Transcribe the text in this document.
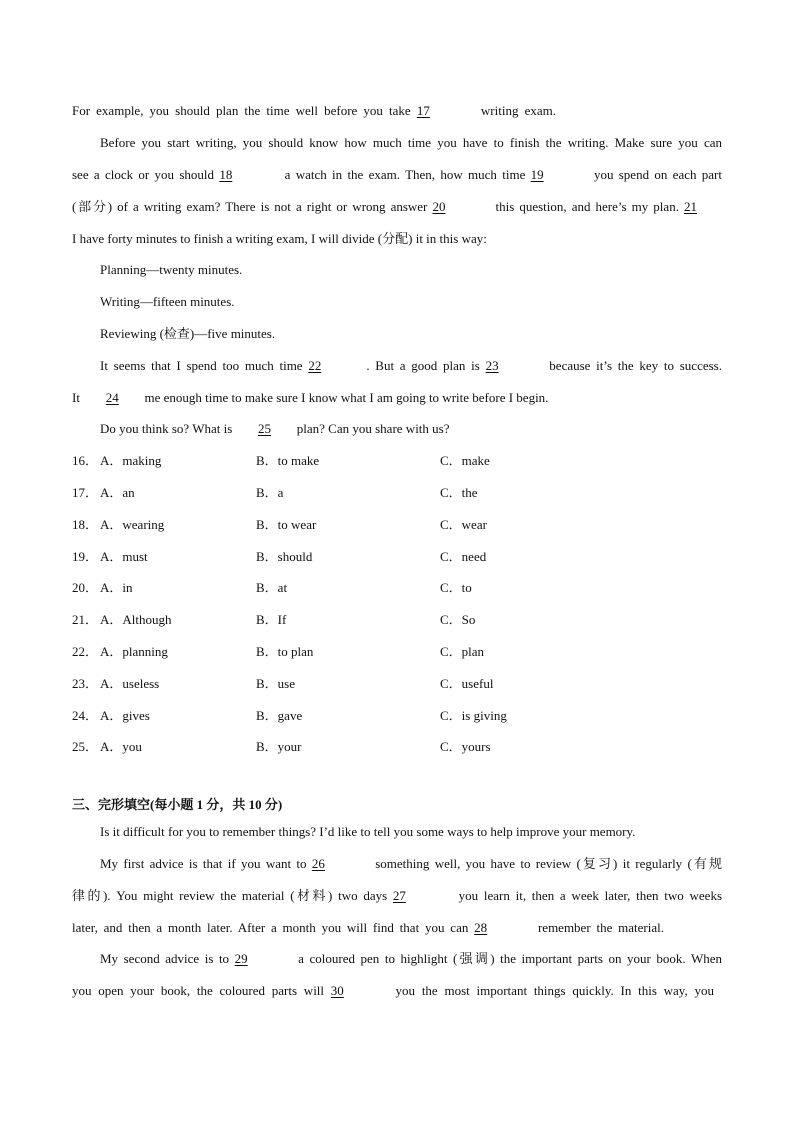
For example, you should plan the time well before you take 17	writing exam.
Before you start writing, you should know how much time you have to finish the writing. Make sure you can
see a clock or you should 18	a watch in the exam. Then, how much time 19	you spend on each part
(部分) of a writing exam? There is not a right or wrong answer 20	this question, and here’s my plan. 21
I have forty minutes to finish a writing exam, I will divide (分配) it in this way:
Planning—twenty minutes.
Writing—fifteen minutes.
Reviewing (检查)—five minutes.
It seems that I spend too much time 22	. But a good plan is 23	because it’s the key to success.
It 24 me enough time to make sure I know what I am going to write before I begin.
Do you think so? What is 25 plan? Can you share with us?
16． A．making	B．to make	C．make
17． A．an	B．a	C．the
18． A．wearing	B．to wear	C．wear
19． A．must	B．should	C．need
20． A．in	B．at	C．to
21． A．Although	B．If	C．So
22． A．planning	B．to plan	C．plan
23． A．useless	B．use	C．useful
24． A．gives	B．gave	C．is giving
25． A．you	B．your	C．yours
三、完形填空(每小题 1 分，共 10 分)
Is it difficult for you to remember things? I’d like to tell you some ways to help improve your memory.
My first advice is that if you want to 26	something well, you have to review (复习) it regularly (有规
律的). You might review the material (材料) two days 27	you learn it, then a week later, then two weeks
later, and then a month later. After a month you will find that you can 28	remember the material.
My second advice is to 29	a coloured pen to highlight (强调) the important parts on your book. When
you open your book, the coloured parts will 30	you the most important things quickly. In this way, you
